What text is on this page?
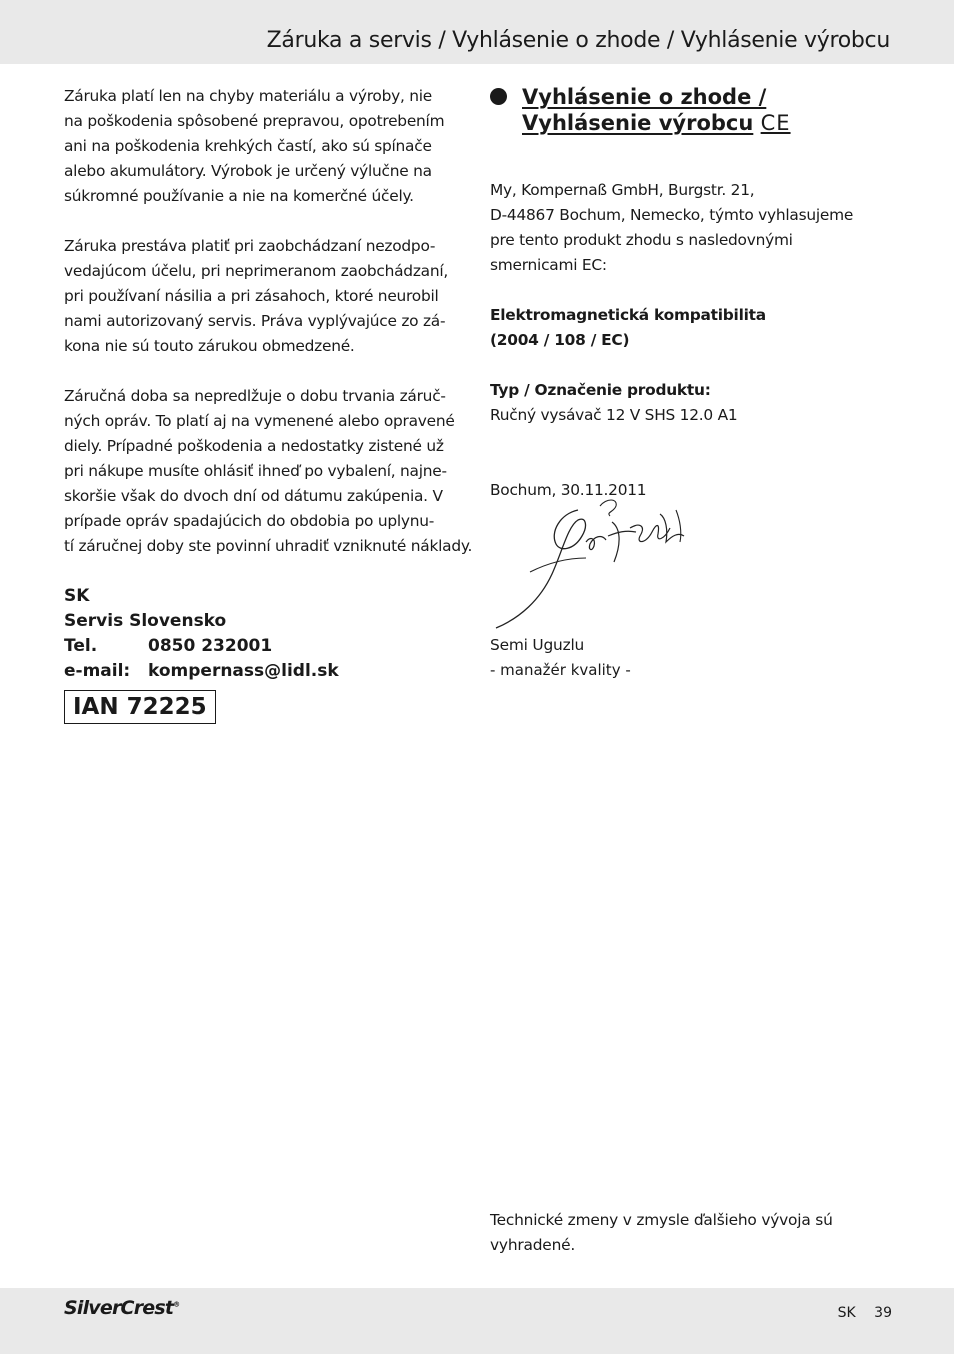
Záruka a servis / Vyhlásenie o zhode / Vyhlásenie výrobcu

Záruka platí len na chyby materiálu a výroby, nie
na poškodenia spôsobené prepravou, opotrebením
ani na poškodenia krehkých častí, ako sú spínače
alebo akumulátory. Výrobok je určený výlučne na
súkromné používanie a nie na komerčné účely.

Záruka prestáva platiť pri zaobchádzaní nezodpo-
vedajúcom účelu, pri neprimeranom zaobchádzaní,
pri používaní násilia a pri zásahoch, ktoré neurobil
nami autorizovaný servis. Práva vyplývajúce zo zá-
kona nie sú touto zárukou obmedzené.

Záručná doba sa nepredlžuje o dobu trvania záruč-
ných opráv. To platí aj na vymenené alebo opravené
diely. Prípadné poškodenia a nedostatky zistené už
pri nákupe musíte ohlásiť ihneď po vybalení, najne-
skoršie však do dvoch dní od dátumu zakúpenia. V
prípade opráv spadajúcich do obdobia po uplynu-
tí záručnej doby ste povinní uhradiť vzniknuté náklady.

SK
Servis Slovensko
Tel.	0850 232001
e-mail:	kompernass@lidl.sk
IAN 72225
Vyhlásenie o zhode /
Vyhlásenie výrobcu CE

My, Kompernaß GmbH, Burgstr. 21,
D-44867 Bochum, Nemecko, týmto vyhlasujeme
pre tento produkt zhodu s nasledovnými
smernicami EC:

Elektromagnetická kompatibilita
(2004 / 108 / EC)

Typ / Označenie produktu:
Ručný vysávač 12 V SHS 12.0 A1

Bochum, 30.11.2011

Semi Uguzlu
- manažér kvality -
Technické zmeny v zmysle ďalšieho vývoja sú
vyhradené.
SilverCrest®
SK 39
